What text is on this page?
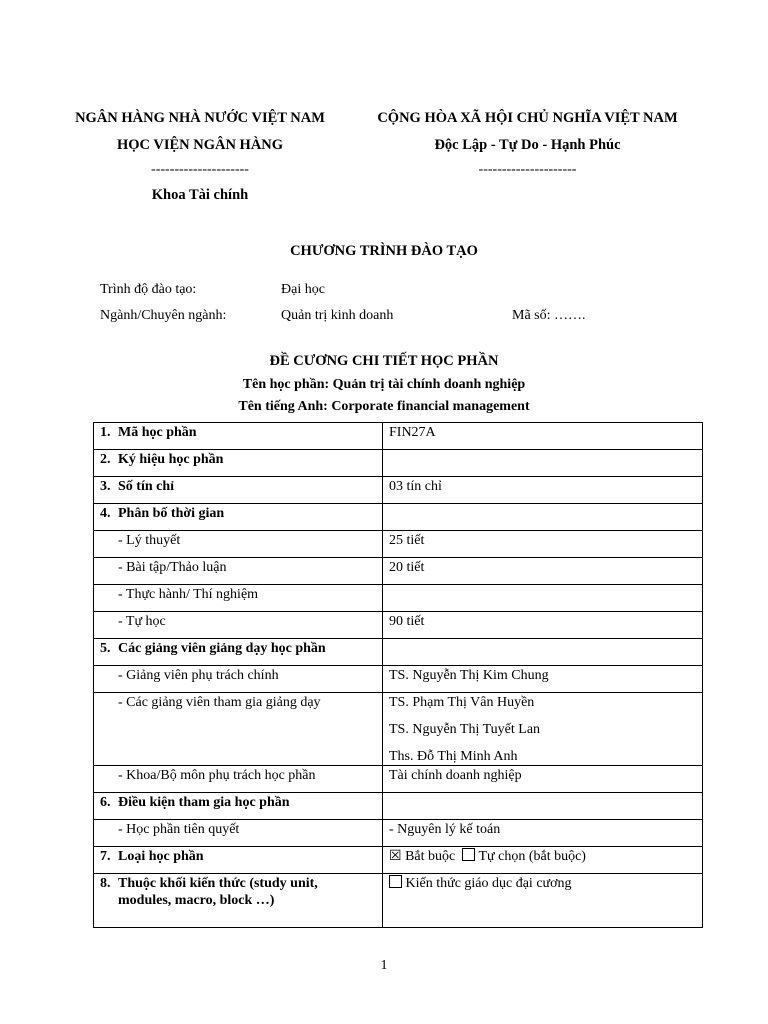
NGÂN HÀNG NHÀ NƯỚC VIỆT NAM
HỌC VIỆN NGÂN HÀNG
---------------------
Khoa Tài chính
CỘNG HÒA XÃ HỘI CHỦ NGHĨA VIỆT NAM
Độc Lập - Tự Do - Hạnh Phúc
---------------------
CHƯƠNG TRÌNH ĐÀO TẠO
Trình độ đào tạo:	Đại học
Ngành/Chuyên ngành:	Quản trị kinh doanh	Mã số: …….
ĐỀ CƯƠNG CHI TIẾT HỌC PHẦN
Tên học phần: Quản trị tài chính doanh nghiệp
Tên tiếng Anh: Corporate financial management
1. Mã học phần	FIN27A
2. Ký hiệu học phần	
3. Số tín chỉ	03 tín chỉ
4. Phân bố thời gian	
- Lý thuyết	25 tiết
- Bài tập/Thảo luận	20 tiết
- Thực hành/ Thí nghiệm	
- Tự học	90 tiết
5. Các giảng viên giảng dạy học phần	
- Giảng viên phụ trách chính	TS. Nguyễn Thị Kim Chung
- Các giảng viên tham gia giảng dạy	TS. Phạm Thị Vân Huyền
TS. Nguyễn Thị Tuyết Lan
Ths. Đỗ Thị Minh Anh

- Khoa/Bộ môn phụ trách học phần	Tài chính doanh nghiệp
6. Điều kiện tham gia học phần	
- Học phần tiên quyết	- Nguyên lý kế toán
7. Loại học phần	☒ Bắt buộc Tự chọn (bắt buộc)
8. Thuộc khối kiến thức (study unit,
modules, macro, block …)	Kiến thức giáo dục đại cương
1
